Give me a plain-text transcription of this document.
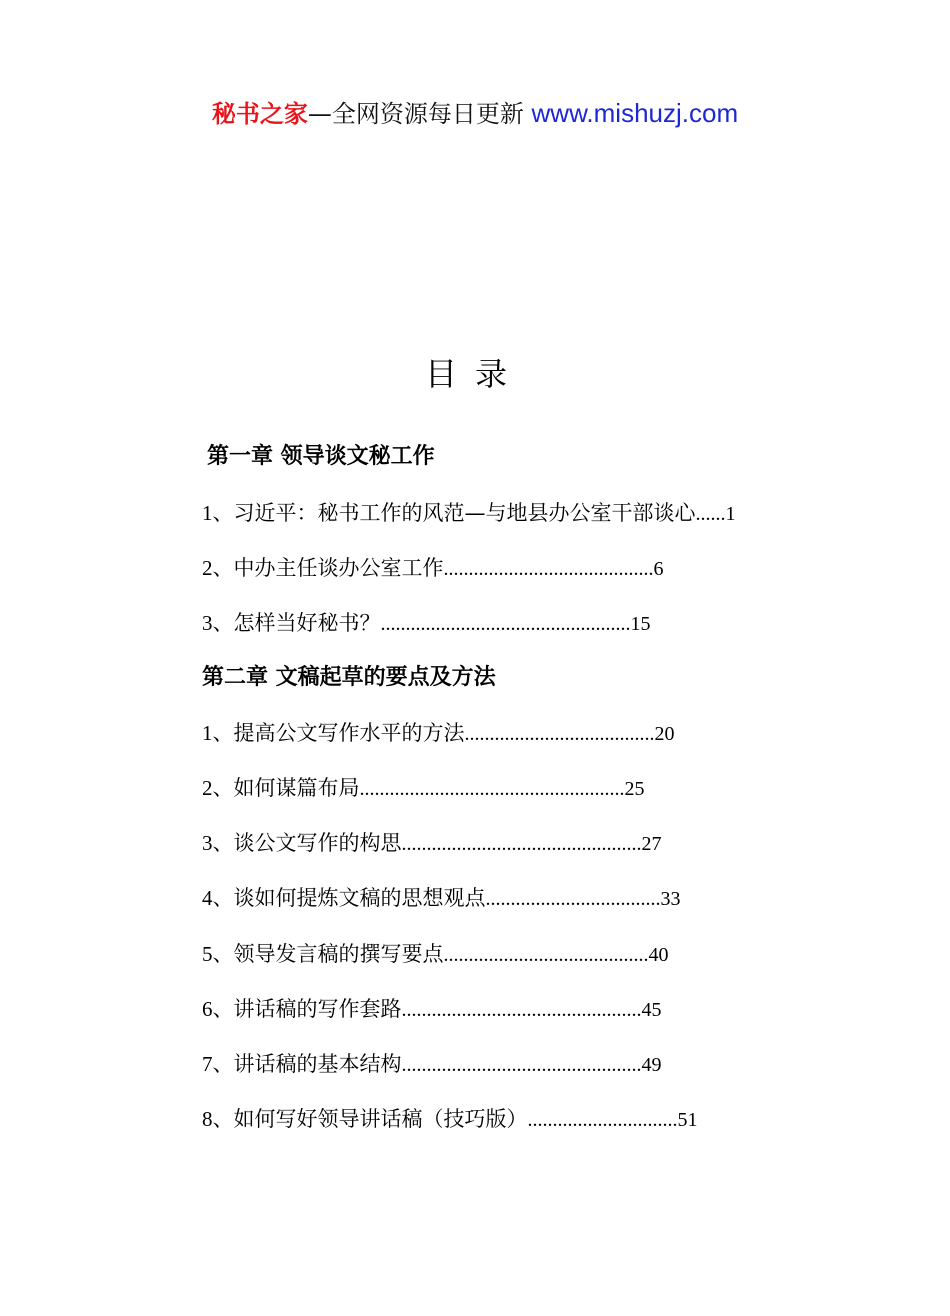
秘书之家—全网资源每日更新 www.mishuzj.com
目录
第一章 领导谈文秘工作
1、习近平：秘书工作的风范—与地县办公室干部谈心......1
2、中办主任谈办公室工作..........................................6
3、怎样当好秘书？..................................................15
第二章 文稿起草的要点及方法
1、提高公文写作水平的方法......................................20
2、如何谋篇布局.....................................................25
3、谈公文写作的构思................................................27
4、谈如何提炼文稿的思想观点...................................33
5、领导发言稿的撰写要点.........................................40
6、讲话稿的写作套路................................................45
7、讲话稿的基本结构................................................49
8、如何写好领导讲话稿（技巧版）..............................51
